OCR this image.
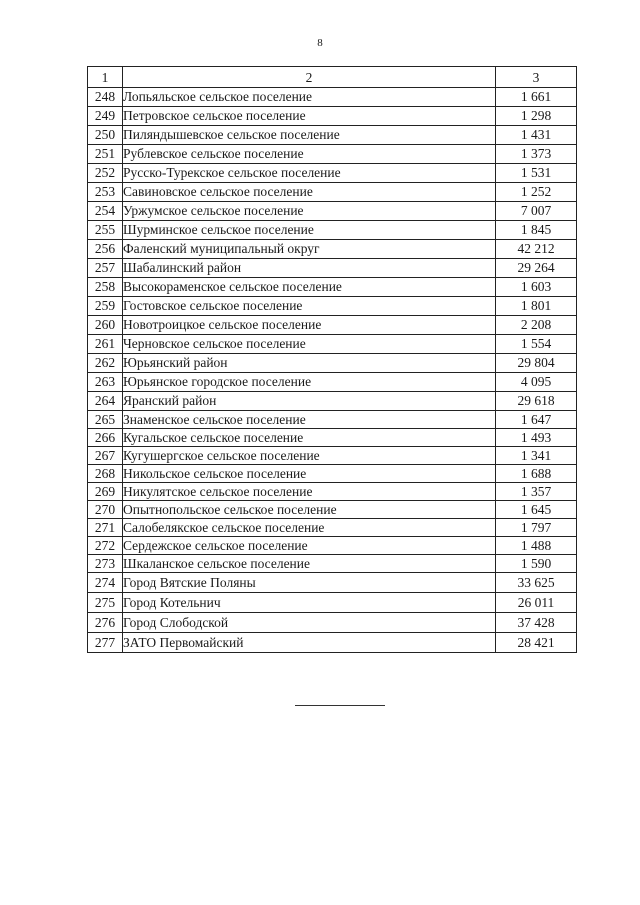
8
1	2	3
248	Лопьяльское сельское поселение	1 661
249	Петровское сельское поселение	1 298
250	Пиляндышевское сельское поселение	1 431
251	Рублевское сельское поселение	1 373
252	Русско-Турекское сельское поселение	1 531
253	Савиновское сельское поселение	1 252
254	Уржумское сельское поселение	7 007
255	Шурминское сельское поселение	1 845
256	Фаленский муниципальный округ	42 212
257	Шабалинский район	29 264
258	Высокораменское сельское поселение	1 603
259	Гостовское сельское поселение	1 801
260	Новотроицкое сельское поселение	2 208
261	Черновское сельское поселение	1 554
262	Юрьянский район	29 804
263	Юрьянское городское поселение	4 095
264	Яранский район	29 618
265	Знаменское сельское поселение	1 647
266	Кугальское сельское поселение	1 493
267	Кугушергское сельское поселение	1 341
268	Никольское сельское поселение	1 688
269	Никулятское сельское поселение	1 357
270	Опытнопольское сельское поселение	1 645
271	Салобелякское сельское поселение	1 797
272	Сердежское сельское поселение	1 488
273	Шкаланское сельское поселение	1 590
274	Город Вятские Поляны	33 625
275	Город Котельнич	26 011
276	Город Слободской	37 428
277	ЗАТО Первомайский	28 421
